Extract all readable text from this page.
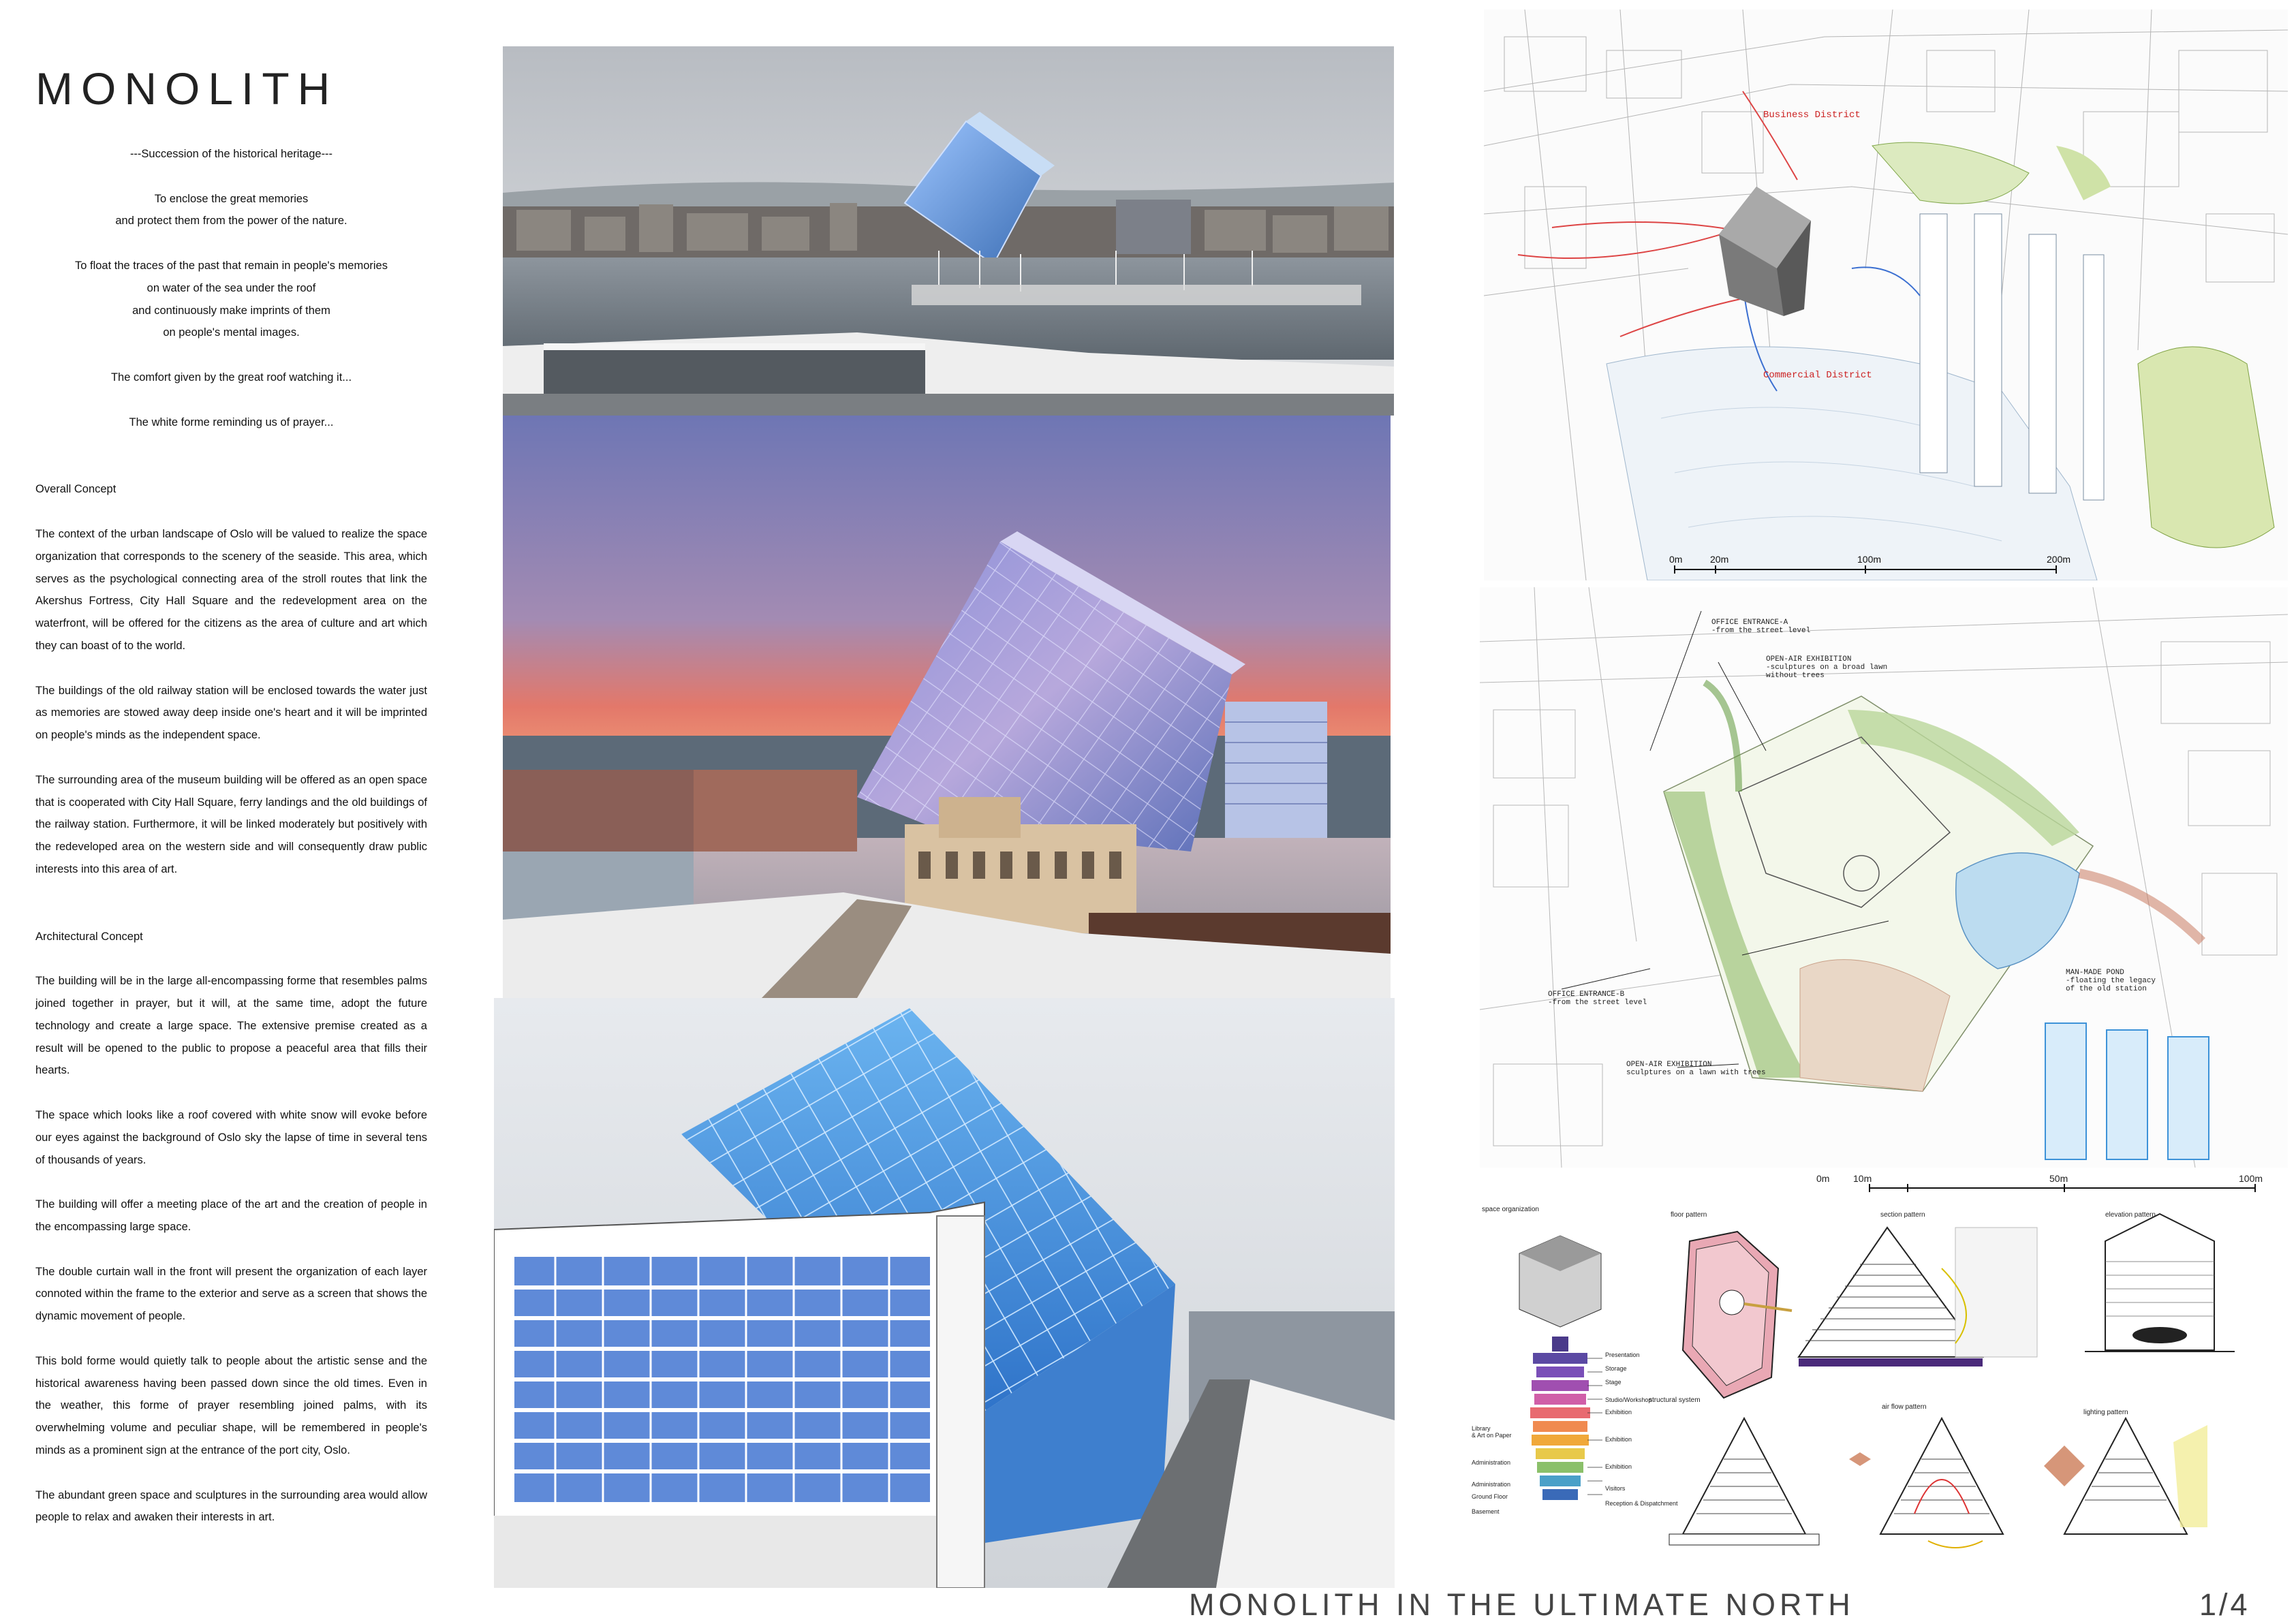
MONOLITH

---Succession of the historical heritage---

To enclose the great memories
and protect them from the power of the nature.

To float the traces of the past that remain in people's memories
on water of the sea under the roof
and continuously make imprints of them
on people's mental images.

The comfort given by the great roof watching it...

The white forme reminding us of prayer...

Overall Concept

The context of the urban landscape of Oslo will be valued to realize the space organization that corresponds to the scenery of the seaside. This area, which serves as the psychological connecting area of the stroll routes that link the Akershus Fortress, City Hall Square and the redevelopment area on the waterfront, will be offered for the citizens as the area of culture and art which they can boast of to the world.

The buildings of the old railway station will be enclosed towards the water just as memories are stowed away deep inside one's heart and it will be imprinted on people's minds as the independent space.

The surrounding area of the museum building will be offered as an open space that is cooperated with City Hall Square, ferry landings and the old buildings of the railway station. Furthermore, it will be linked moderately but positively with the redeveloped area on the western side and will consequently draw public interests into this area of art.

Architectural Concept

The building will be in the large all-encompassing forme that resembles palms joined together in prayer, but it will, at the same time, adopt the future technology and create a large space. The extensive premise created as a result will be opened to the public to propose a peaceful area that fills their hearts.

The space which looks like a roof covered with white snow will evoke before our eyes against the background of Oslo sky the lapse of time in several tens of thousands of years.

The building will offer a meeting place of the art and the creation of people in the encompassing large space.

The double curtain wall in the front will present the organization of each layer connoted within the frame to the exterior and serve as a screen that shows the dynamic movement of people.

This bold forme would quietly talk to people about the artistic sense and the historical awareness having been passed down since the old times. Even in the weather, this forme of prayer resembling joined palms, with its overwhelming volume and peculiar shape, will be remembered in people's minds as a prominent sign at the entrance of the port city, Oslo.

The abundant green space and sculptures in the surrounding area would allow people to relax and awaken their interests in art.

Business District
Commercial District
0m	20m	100m	200m
OFFICE ENTRANCE-A
-from the street level
OPEN-AIR EXHIBITION
-sculptures on a broad lawn
without trees
MAN-MADE POND
-floating the legacy
of the old station
OFFICE ENTRANCE-B
-from the street level
OPEN-AIR EXHIBITION
sculptures on a lawn with trees
0m 10m	50m	100m
space organization
floor pattern	section pattern	elevation pattern
structural system
air flow pattern
lighting pattern
Presentation
Storage
Stage
Studio/Workshop
Exhibition
Exhibition
Exhibition
Visitors
Reception & Dispatchment
Library
& Art on Paper
Administration
Administration
Ground Floor
Basement
MONOLITH IN THE ULTIMATE NORTH	1/4
